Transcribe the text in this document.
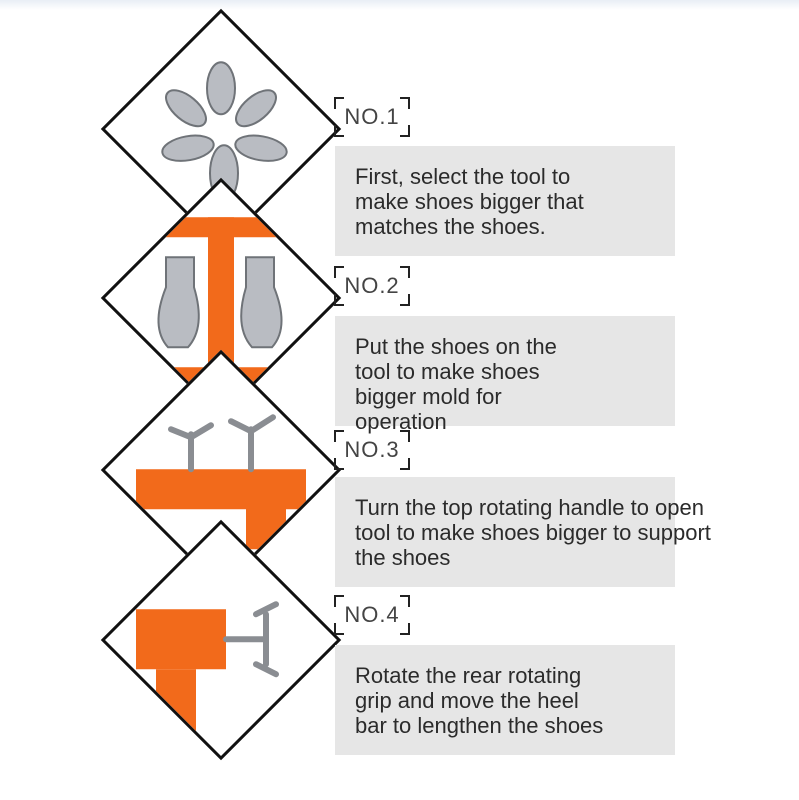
NO.1
NO.2
NO.3
NO.4

First, select the tool to
make shoes bigger that
matches the shoes.

Put the shoes on the
tool to make shoes
bigger mold for
operation

Turn the top rotating handle to open
tool to make shoes bigger to support
the shoes

Rotate the rear rotating
grip and move the heel
bar to lengthen the shoes
